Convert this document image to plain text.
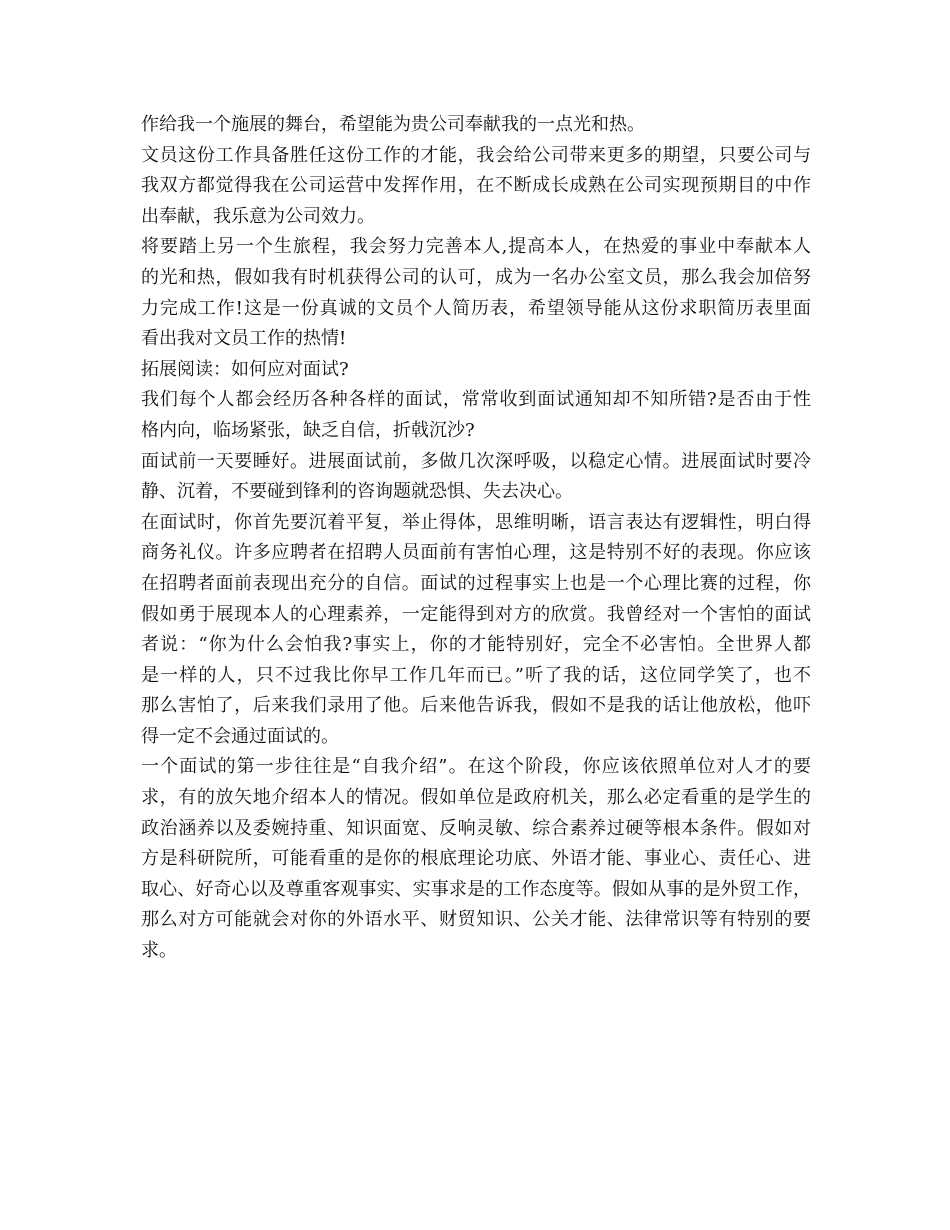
作给我一个施展的舞台，希望能为贵公司奉献我的一点光和热。
文员这份工作具备胜任这份工作的才能，我会给公司带来更多的期望，只要公司与
我双方都觉得我在公司运营中发挥作用，在不断成长成熟在公司实现预期目的中作
出奉献，我乐意为公司效力。
将要踏上另一个生旅程，我会努力完善本人,提高本人，在热爱的事业中奉献本人
的光和热，假如我有时机获得公司的认可，成为一名办公室文员，那么我会加倍努
力完成工作!这是一份真诚的文员个人简历表，希望领导能从这份求职简历表里面
看出我对文员工作的热情!
拓展阅读：如何应对面试?
我们每个人都会经历各种各样的面试，常常收到面试通知却不知所错?是否由于性
格内向，临场紧张，缺乏自信，折戟沉沙?
面试前一天要睡好。进展面试前，多做几次深呼吸，以稳定心情。进展面试时要冷
静、沉着，不要碰到锋利的咨询题就恐惧、失去决心。
在面试时，你首先要沉着平复，举止得体，思维明晰，语言表达有逻辑性，明白得
商务礼仪。许多应聘者在招聘人员面前有害怕心理，这是特别不好的表现。你应该
在招聘者面前表现出充分的自信。面试的过程事实上也是一个心理比赛的过程，你
假如勇于展现本人的心理素养，一定能得到对方的欣赏。我曾经对一个害怕的面试
者说：“你为什么会怕我?事实上，你的才能特别好，完全不必害怕。全世界人都
是一样的人，只不过我比你早工作几年而已。”听了我的话，这位同学笑了，也不
那么害怕了，后来我们录用了他。后来他告诉我，假如不是我的话让他放松，他吓
得一定不会通过面试的。
一个面试的第一步往往是“自我介绍”。在这个阶段，你应该依照单位对人才的要
求，有的放矢地介绍本人的情况。假如单位是政府机关，那么必定看重的是学生的
政治涵养以及委婉持重、知识面宽、反响灵敏、综合素养过硬等根本条件。假如对
方是科研院所，可能看重的是你的根底理论功底、外语才能、事业心、责任心、进
取心、好奇心以及尊重客观事实、实事求是的工作态度等。假如从事的是外贸工作，
那么对方可能就会对你的外语水平、财贸知识、公关才能、法律常识等有特别的要
求。
